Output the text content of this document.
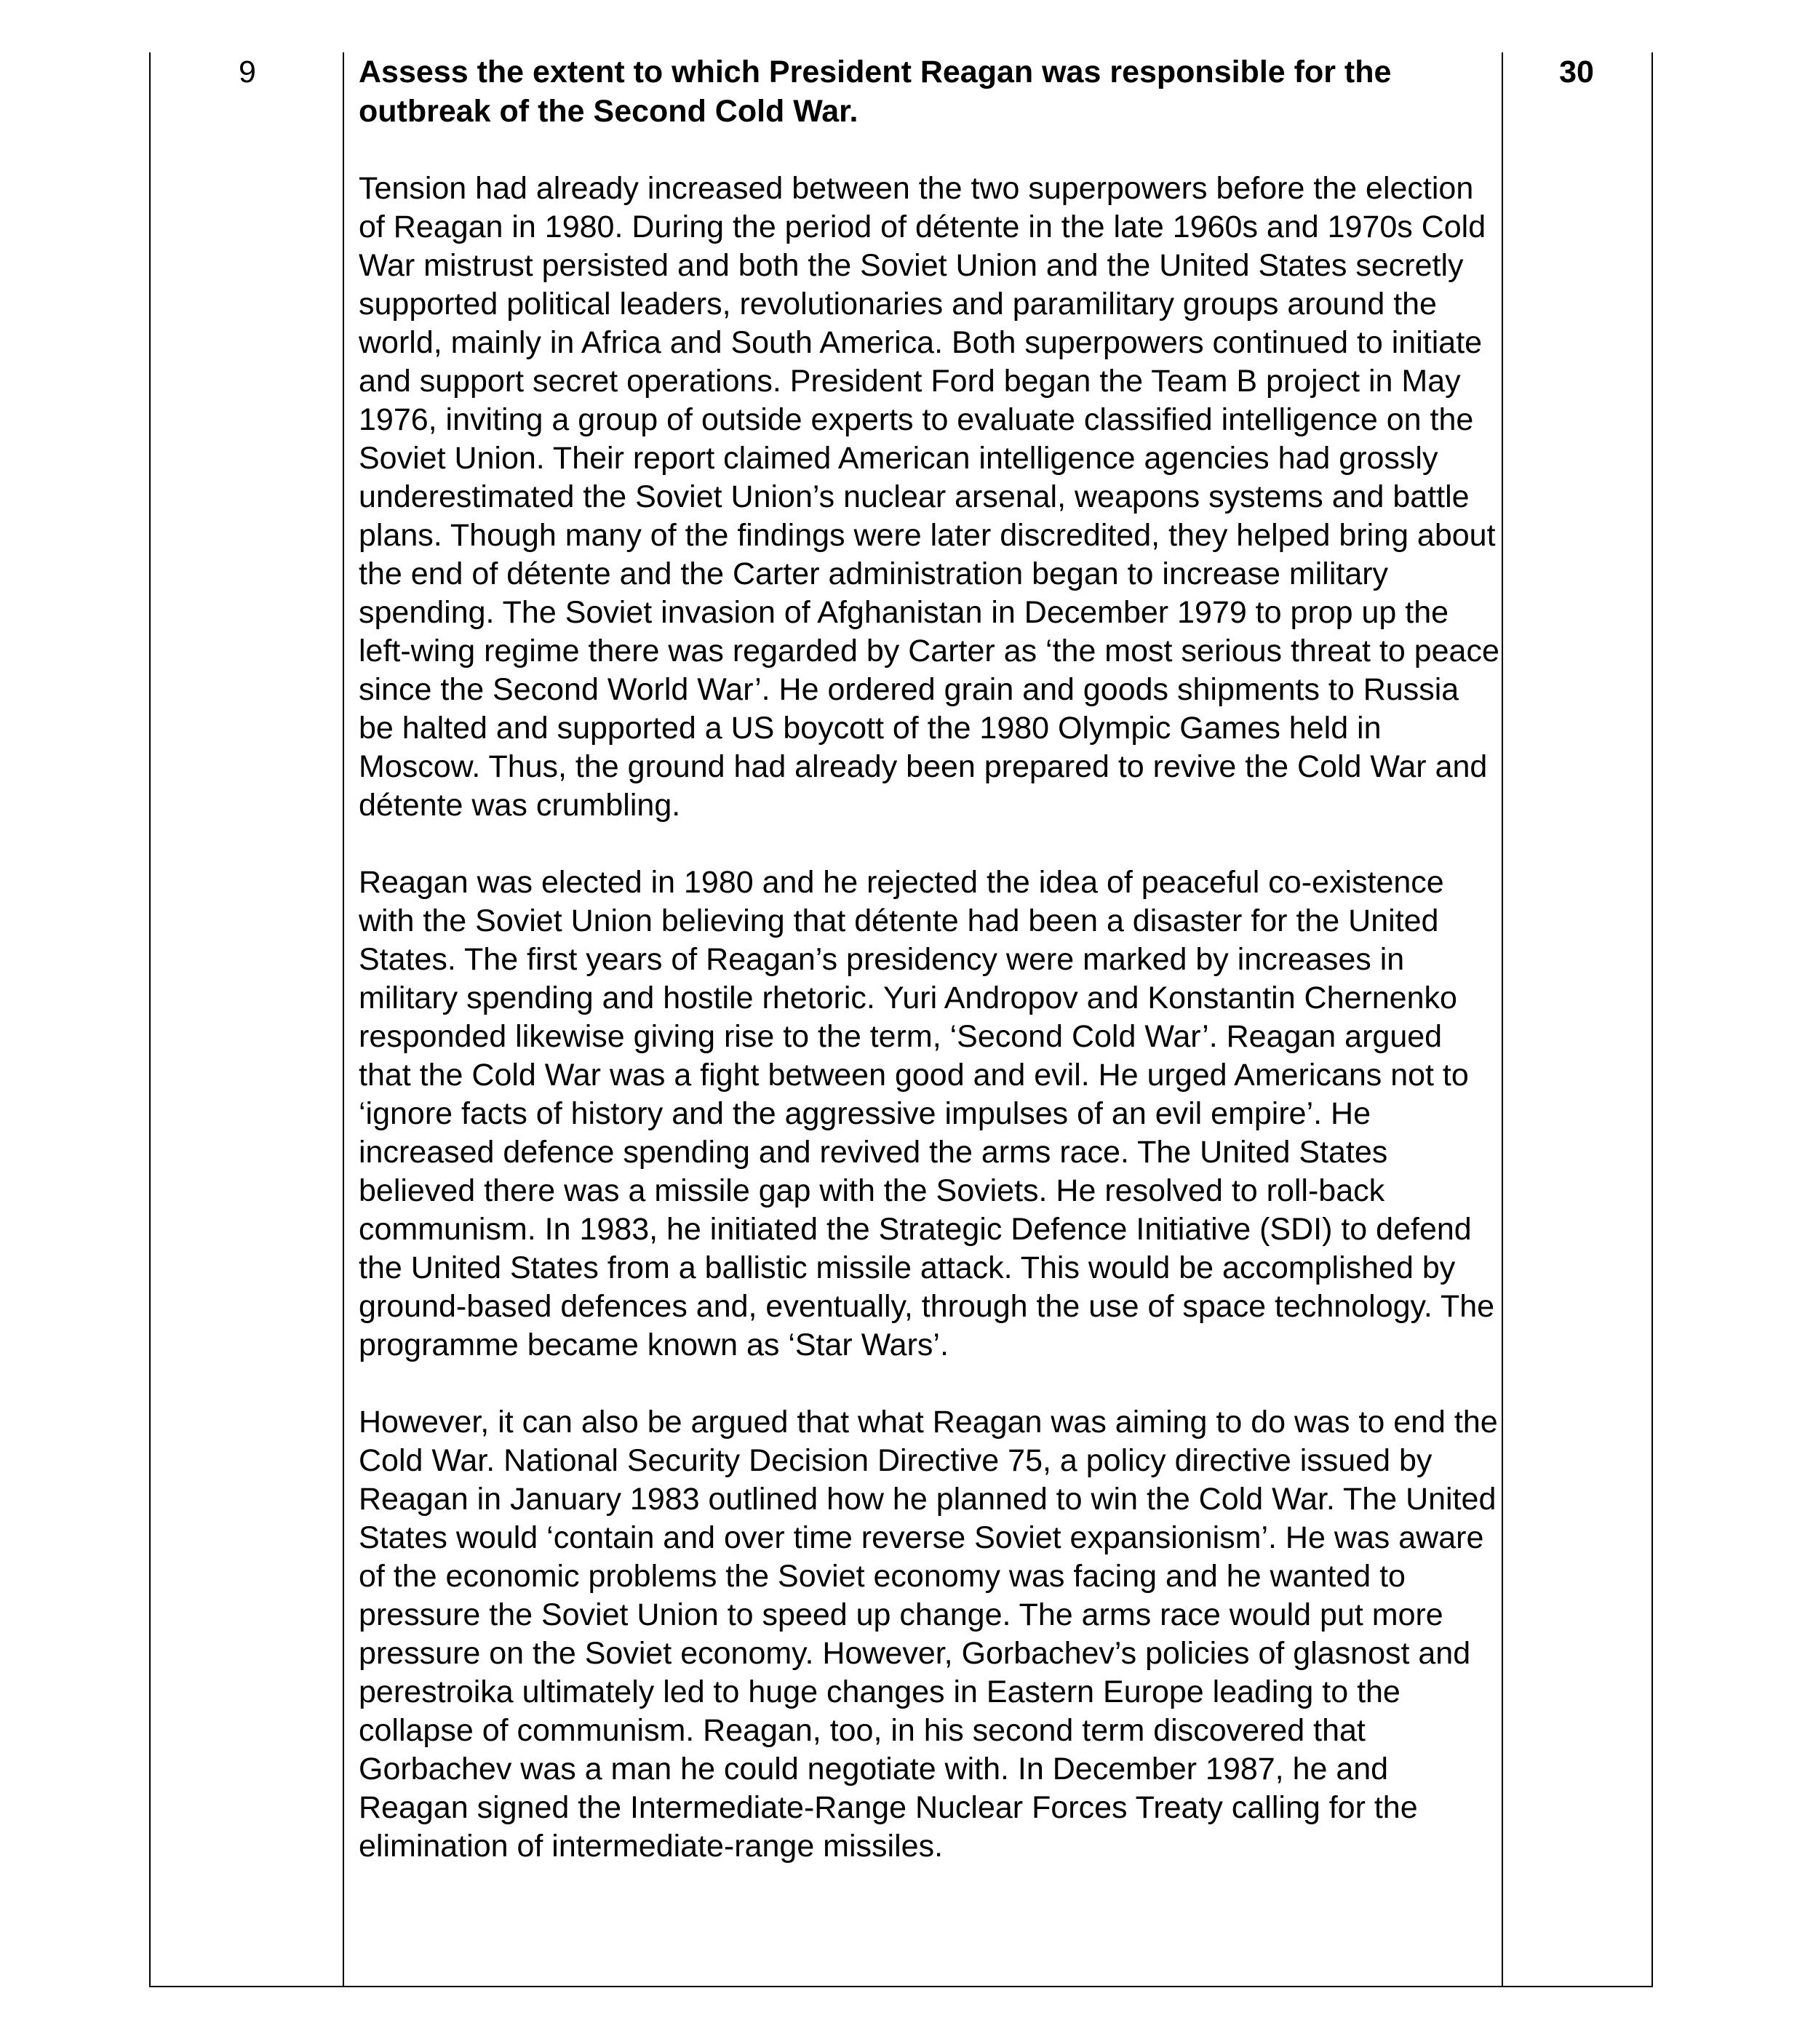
9	Assess the extent to which President Reagan was responsible for the outbreak of the Second Cold War.

Tension had already increased between the two superpowers before the election of Reagan in 1980. During the period of détente in the late 1960s and 1970s Cold War mistrust persisted and both the Soviet Union and the United States secretly supported political leaders, revolutionaries and paramilitary groups around the world, mainly in Africa and South America. Both superpowers continued to initiate and support secret operations. President Ford began the Team B project in May 1976, inviting a group of outside experts to evaluate classified intelligence on the Soviet Union. Their report claimed American intelligence agencies had grossly underestimated the Soviet Union’s nuclear arsenal, weapons systems and battle plans. Though many of the findings were later discredited, they helped bring about the end of détente and the Carter administration began to increase military spending. The Soviet invasion of Afghanistan in December 1979 to prop up the left-wing regime there was regarded by Carter as ‘the most serious threat to peace since the Second World War’. He ordered grain and goods shipments to Russia be halted and supported a US boycott of the 1980 Olympic Games held in Moscow. Thus, the ground had already been prepared to revive the Cold War and détente was crumbling.

Reagan was elected in 1980 and he rejected the idea of peaceful co-existence with the Soviet Union believing that détente had been a disaster for the United States. The first years of Reagan’s presidency were marked by increases in military spending and hostile rhetoric. Yuri Andropov and Konstantin Chernenko responded likewise giving rise to the term, ‘Second Cold War’. Reagan argued that the Cold War was a fight between good and evil. He urged Americans not to ‘ignore facts of history and the aggressive impulses of an evil empire’. He increased defence spending and revived the arms race. The United States believed there was a missile gap with the Soviets. He resolved to roll-back communism. In 1983, he initiated the Strategic Defence Initiative (SDI) to defend the United States from a ballistic missile attack. This would be accomplished by ground-based defences and, eventually, through the use of space technology. The programme became known as ‘Star Wars’.

However, it can also be argued that what Reagan was aiming to do was to end the Cold War. National Security Decision Directive 75, a policy directive issued by Reagan in January 1983 outlined how he planned to win the Cold War. The United States would ‘contain and over time reverse Soviet expansionism’. He was aware of the economic problems the Soviet economy was facing and he wanted to pressure the Soviet Union to speed up change. The arms race would put more pressure on the Soviet economy. However, Gorbachev’s policies of glasnost and perestroika ultimately led to huge changes in Eastern Europe leading to the collapse of communism. Reagan, too, in his second term discovered that Gorbachev was a man he could negotiate with. In December 1987, he and Reagan signed the Intermediate-Range Nuclear Forces Treaty calling for the elimination of intermediate-range missiles.

30
